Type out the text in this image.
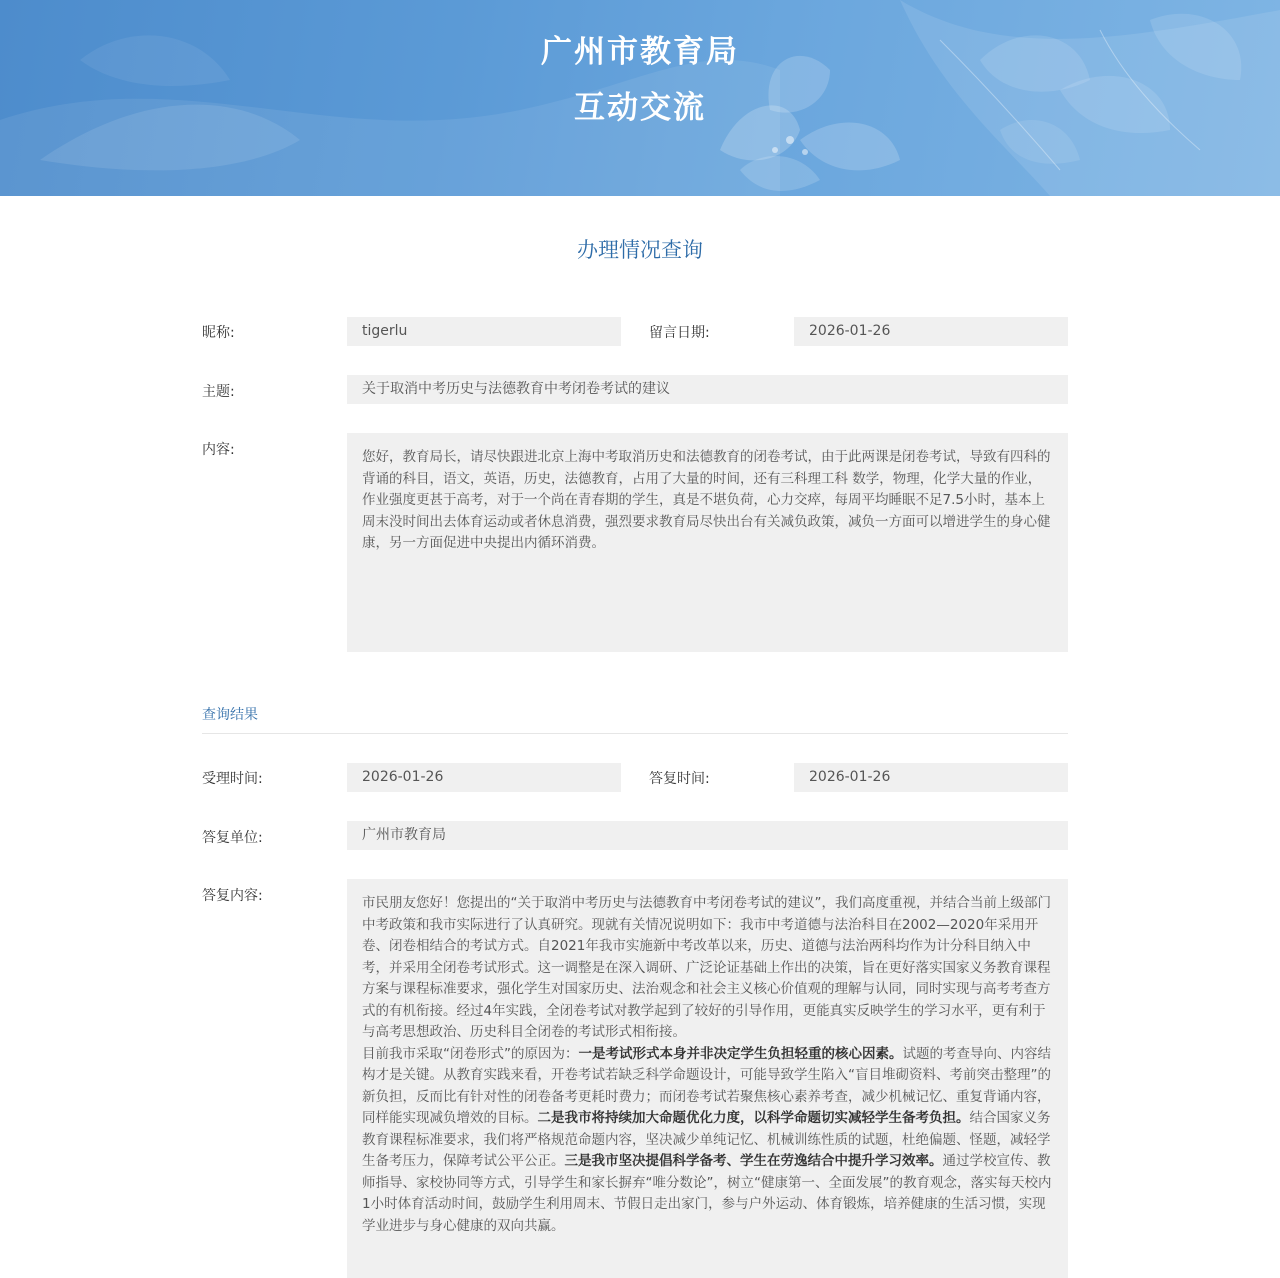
广州市教育局
互动交流
办理情况查询
昵称:	tigerlu	留言日期:	2026-01-26
主题:	关于取消中考历史与法德教育中考闭卷考试的建议
内容:	您好，教育局长，请尽快跟进北京上海中考取消历史和法德教育的闭卷考试，由于此两课是闭卷考试，导致有四科的背诵的科目，语文，英语，历史，法德教育，占用了大量的时间，还有三科理工科 数学，物理，化学大量的作业，作业强度更甚于高考，对于一个尚在青春期的学生，真是不堪负荷，心力交瘁，每周平均睡眠不足7.5小时，基本上周末没时间出去体育运动或者休息消费，强烈要求教育局尽快出台有关减负政策，减负一方面可以增进学生的身心健康，另一方面促进中央提出内循环消费。

查询结果
受理时间:	2026-01-26	答复时间:	2026-01-26
答复单位:	广州市教育局
答复内容:	市民朋友您好！您提出的“关于取消中考历史与法德教育中考闭卷考试的建议”，我们高度重视，并结合当前上级部门中考政策和我市实际进行了认真研究。现就有关情况说明如下：我市中考道德与法治科目在2002—2020年采用开卷、闭卷相结合的考试方式。自2021年我市实施新中考改革以来，历史、道德与法治两科均作为计分科目纳入中考，并采用全闭卷考试形式。这一调整是在深入调研、广泛论证基础上作出的决策，旨在更好落实国家义务教育课程方案与课程标准要求，强化学生对国家历史、法治观念和社会主义核心价值观的理解与认同，同时实现与高考考查方式的有机衔接。经过4年实践，全闭卷考试对教学起到了较好的引导作用，更能真实反映学生的学习水平，更有利于与高考思想政治、历史科目全闭卷的考试形式相衔接。

目前我市采取“闭卷形式”的原因为：一是考试形式本身并非决定学生负担轻重的核心因素。试题的考查导向、内容结构才是关键。从教育实践来看，开卷考试若缺乏科学命题设计，可能导致学生陷入“盲目堆砌资料、考前突击整理”的新负担，反而比有针对性的闭卷备考更耗时费力；而闭卷考试若聚焦核心素养考查，减少机械记忆、重复背诵内容，同样能实现减负增效的目标。二是我市将持续加大命题优化力度，以科学命题切实减轻学生备考负担。结合国家义务教育课程标准要求，我们将严格规范命题内容，坚决减少单纯记忆、机械训练性质的试题，杜绝偏题、怪题，减轻学生备考压力，保障考试公平公正。三是我市坚决提倡科学备考、学生在劳逸结合中提升学习效率。通过学校宣传、教师指导、家校协同等方式，引导学生和家长摒弃“唯分数论”，树立“健康第一、全面发展”的教育观念，落实每天校内1小时体育活动时间，鼓励学生利用周末、节假日走出家门，参与户外运动、体育锻炼，培养健康的生活习惯，实现学业进步与身心健康的双向共赢。
